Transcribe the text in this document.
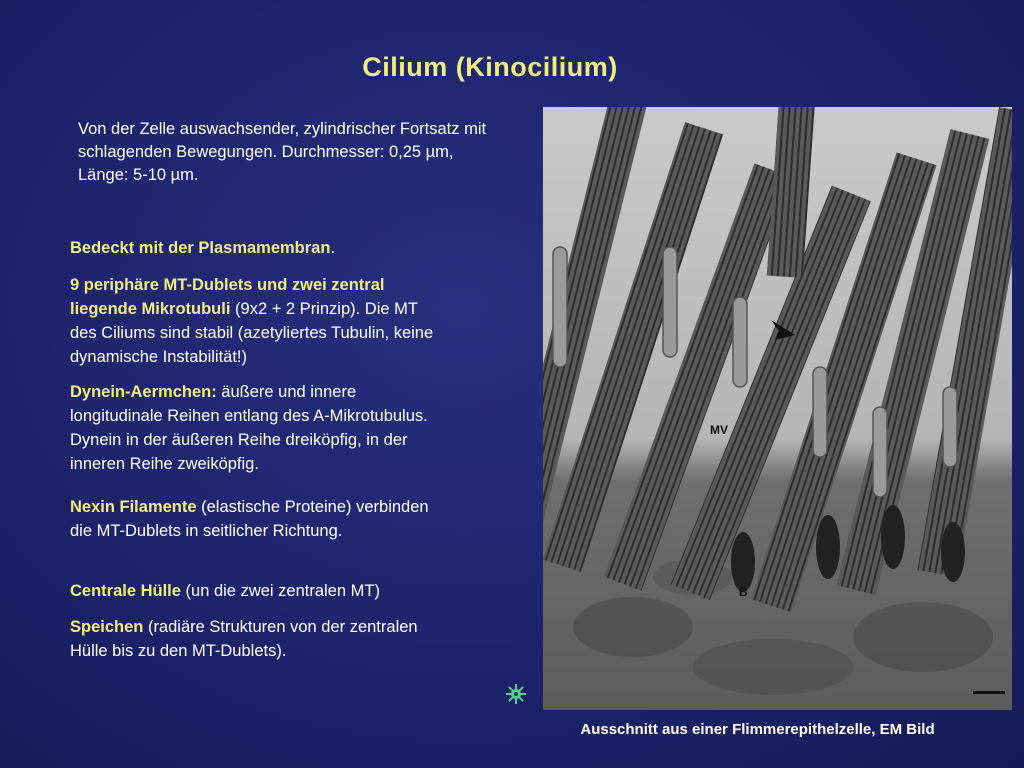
Cilium (Kinocilium)
Von der Zelle auswachsender, zylindrischer Fortsatz mit schlagenden Bewegungen. Durchmesser: 0,25 µm, Länge: 5-10 µm.
Bedeckt mit der Plasmamembran.
9 periphäre MT-Dublets und zwei zentral liegende Mikrotubuli (9x2 + 2 Prinzip). Die MT des Ciliums sind stabil (azetyliertes Tubulin, keine dynamische Instabilität!)
Dynein-Aermchen: äußere und innere longitudinale Reihen entlang des A-Mikrotubulus. Dynein in der äußeren Reihe dreiköpfig, in der inneren Reihe zweiköpfig.
Nexin Filamente (elastische Proteine) verbinden die MT-Dublets in seitlicher Richtung.
Centrale Hülle (un die zwei zentralen MT)
Speichen (radiäre Strukturen von der zentralen Hülle bis zu den MT-Dublets).
MV
B
Ausschnitt aus einer Flimmerepithelzelle, EM Bild
